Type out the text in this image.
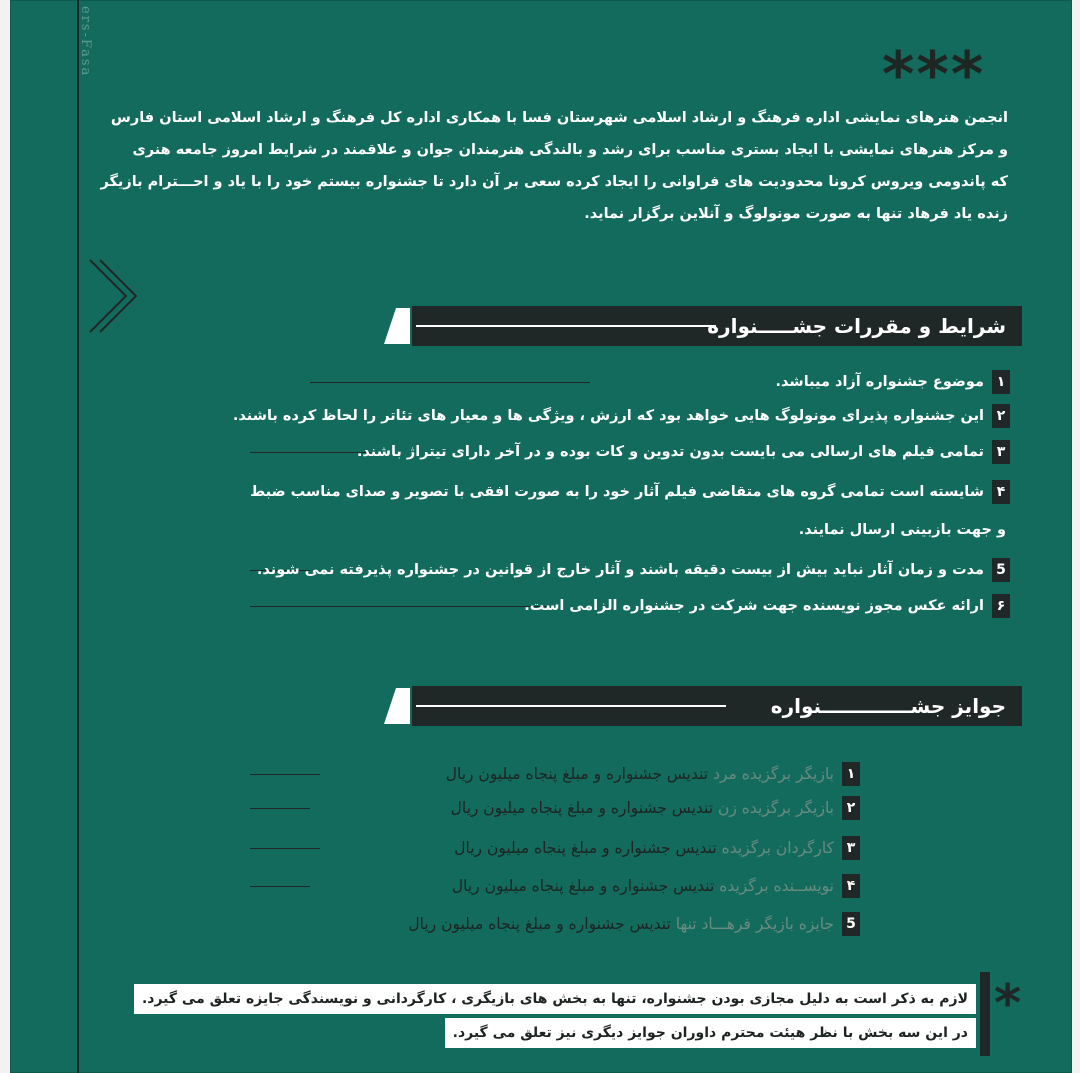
ers-Fasa	***

انجمن هنرهای نمایشی اداره فرهنگ و ارشاد اسلامی شهرستان فسا با همکاری اداره کل فرهنگ و ارشاد اسلامی استان فارس

و مرکز هنرهای نمایشی با ایجاد بستری مناسب برای رشد و بالندگی هنرمندان جوان و علاقمند در شرایط امروز جامعه هنری

که پاندومی ویروس کرونا محدودیت های فراوانی را ایجاد کرده سعی بر آن دارد تا جشنواره بیستم خود را با یاد و احـــترام بازیگر

زنده یاد فرهاد تنها به صورت مونولوگ و آنلاین برگزار نماید.

شرایط و مقررات جشـــــنواره
۱
موضوع جشنواره آزاد میباشد.
۲
این جشنواره پذیرای مونولوگ هایی خواهد بود که ارزش ، ویژگی ها و معیار های تئاتر را لحاظ کرده باشند.
۳
تمامی فیلم های ارسالی می بایست بدون تدوین و کات بوده و در آخر دارای تیتراژ باشند.
۴
شایسته است تمامی گروه های متقاضی فیلم آثار خود را به صورت افقی با تصویر و صدای مناسب ضبط
و جهت بازبینی ارسال نمایند.
5
مدت و زمان آثار نباید بیش از بیست دقیقه باشند و آثار خارج از قوانین در جشنواره پذیرفته نمی شوند.
۶
ارائه عکس مجوز نویسنده جهت شرکت در جشنواره الزامی است.
جوایز جشـــــــــــــنواره
۱
بازیگر برگزیده مرد تندیس جشنواره و مبلغ پنجاه میلیون ریال
۲
بازیگر برگزیده زن تندیس جشنواره و مبلغ پنجاه میلیون ریال
۳
کارگردان برگزیده تندیس جشنواره و مبلغ پنجاه میلیون ریال
۴
نویســنده برگزیده تندیس جشنواره و مبلغ پنجاه میلیون ریال
5
جایزه بازیگر فرهـــاد تنها تندیس جشنواره و مبلغ پنجاه میلیون ریال
*
لازم به ذکر است به دلیل مجازی بودن جشنواره، تنها به بخش های بازیگری ، کارگردانی و نویسندگی جایزه تعلق می گیرد.
در این سه بخش با نظر هیئت محترم داوران جوایز دیگری نیز تعلق می گیرد.
